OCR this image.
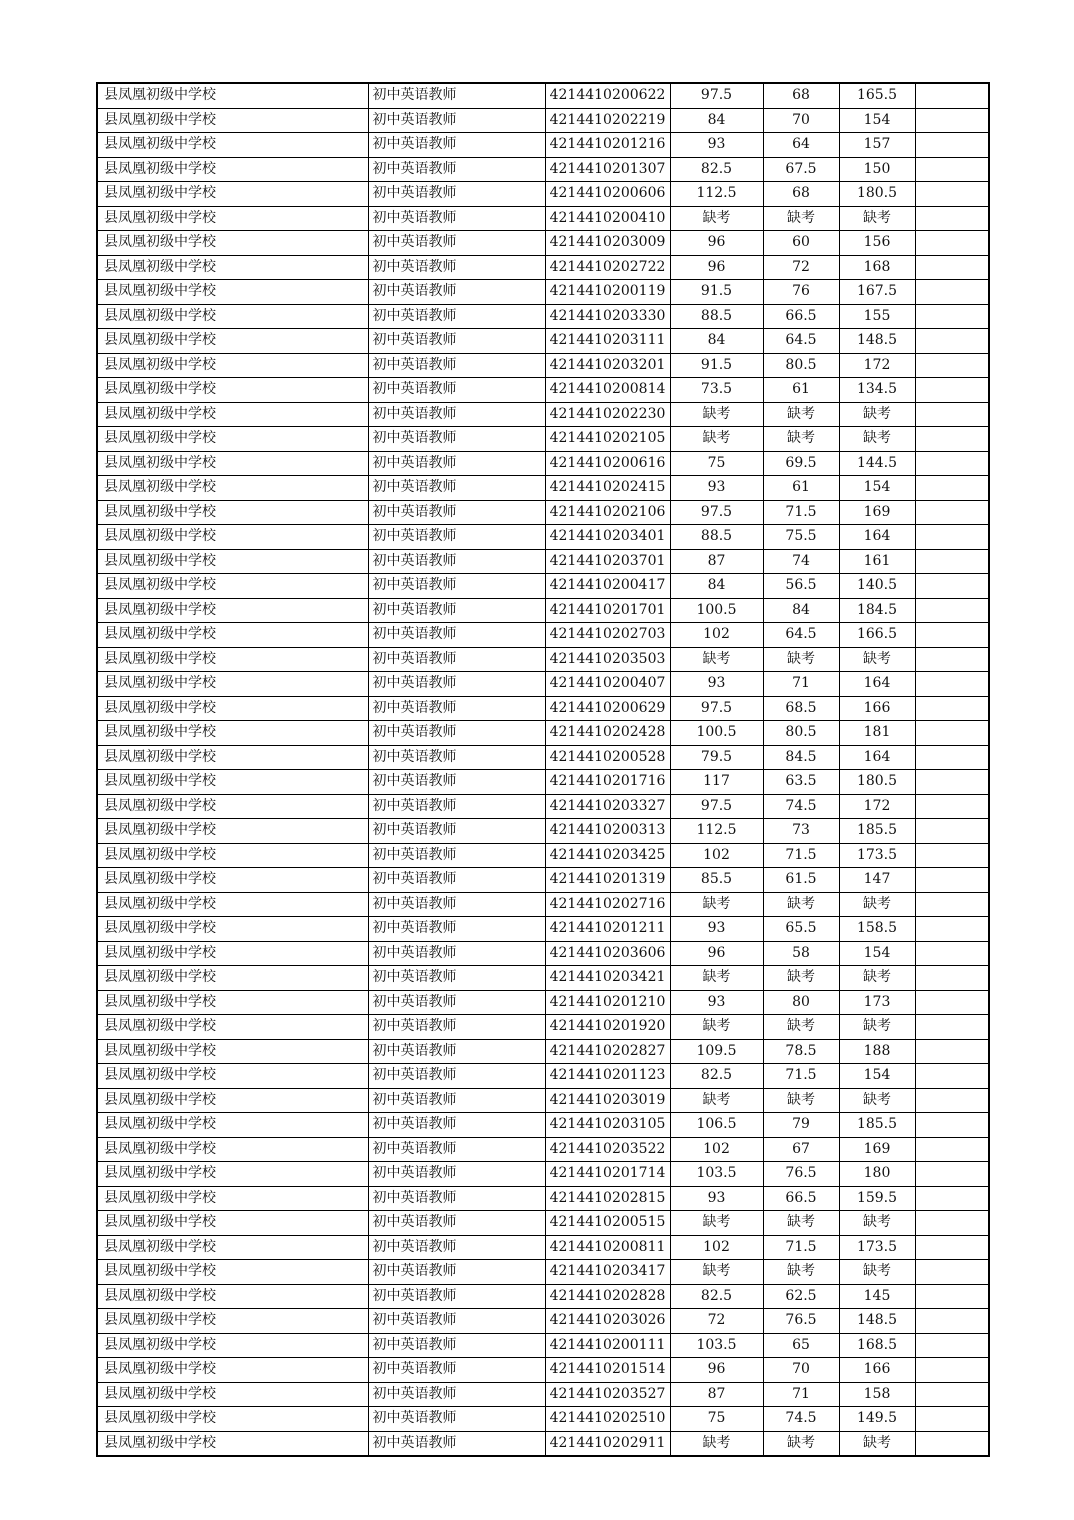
县凤凰初级中学校	初中英语教师	4214410200622	97.5	68	165.5	
县凤凰初级中学校	初中英语教师	4214410202219	84	70	154	
县凤凰初级中学校	初中英语教师	4214410201216	93	64	157	
县凤凰初级中学校	初中英语教师	4214410201307	82.5	67.5	150	
县凤凰初级中学校	初中英语教师	4214410200606	112.5	68	180.5	
县凤凰初级中学校	初中英语教师	4214410200410	缺考	缺考	缺考	
县凤凰初级中学校	初中英语教师	4214410203009	96	60	156	
县凤凰初级中学校	初中英语教师	4214410202722	96	72	168	
县凤凰初级中学校	初中英语教师	4214410200119	91.5	76	167.5	
县凤凰初级中学校	初中英语教师	4214410203330	88.5	66.5	155	
县凤凰初级中学校	初中英语教师	4214410203111	84	64.5	148.5	
县凤凰初级中学校	初中英语教师	4214410203201	91.5	80.5	172	
县凤凰初级中学校	初中英语教师	4214410200814	73.5	61	134.5	
县凤凰初级中学校	初中英语教师	4214410202230	缺考	缺考	缺考	
县凤凰初级中学校	初中英语教师	4214410202105	缺考	缺考	缺考	
县凤凰初级中学校	初中英语教师	4214410200616	75	69.5	144.5	
县凤凰初级中学校	初中英语教师	4214410202415	93	61	154	
县凤凰初级中学校	初中英语教师	4214410202106	97.5	71.5	169	
县凤凰初级中学校	初中英语教师	4214410203401	88.5	75.5	164	
县凤凰初级中学校	初中英语教师	4214410203701	87	74	161	
县凤凰初级中学校	初中英语教师	4214410200417	84	56.5	140.5	
县凤凰初级中学校	初中英语教师	4214410201701	100.5	84	184.5	
县凤凰初级中学校	初中英语教师	4214410202703	102	64.5	166.5	
县凤凰初级中学校	初中英语教师	4214410203503	缺考	缺考	缺考	
县凤凰初级中学校	初中英语教师	4214410200407	93	71	164	
县凤凰初级中学校	初中英语教师	4214410200629	97.5	68.5	166	
县凤凰初级中学校	初中英语教师	4214410202428	100.5	80.5	181	
县凤凰初级中学校	初中英语教师	4214410200528	79.5	84.5	164	
县凤凰初级中学校	初中英语教师	4214410201716	117	63.5	180.5	
县凤凰初级中学校	初中英语教师	4214410203327	97.5	74.5	172	
县凤凰初级中学校	初中英语教师	4214410200313	112.5	73	185.5	
县凤凰初级中学校	初中英语教师	4214410203425	102	71.5	173.5	
县凤凰初级中学校	初中英语教师	4214410201319	85.5	61.5	147	
县凤凰初级中学校	初中英语教师	4214410202716	缺考	缺考	缺考	
县凤凰初级中学校	初中英语教师	4214410201211	93	65.5	158.5	
县凤凰初级中学校	初中英语教师	4214410203606	96	58	154	
县凤凰初级中学校	初中英语教师	4214410203421	缺考	缺考	缺考	
县凤凰初级中学校	初中英语教师	4214410201210	93	80	173	
县凤凰初级中学校	初中英语教师	4214410201920	缺考	缺考	缺考	
县凤凰初级中学校	初中英语教师	4214410202827	109.5	78.5	188	
县凤凰初级中学校	初中英语教师	4214410201123	82.5	71.5	154	
县凤凰初级中学校	初中英语教师	4214410203019	缺考	缺考	缺考	
县凤凰初级中学校	初中英语教师	4214410203105	106.5	79	185.5	
县凤凰初级中学校	初中英语教师	4214410203522	102	67	169	
县凤凰初级中学校	初中英语教师	4214410201714	103.5	76.5	180	
县凤凰初级中学校	初中英语教师	4214410202815	93	66.5	159.5	
县凤凰初级中学校	初中英语教师	4214410200515	缺考	缺考	缺考	
县凤凰初级中学校	初中英语教师	4214410200811	102	71.5	173.5	
县凤凰初级中学校	初中英语教师	4214410203417	缺考	缺考	缺考	
县凤凰初级中学校	初中英语教师	4214410202828	82.5	62.5	145	
县凤凰初级中学校	初中英语教师	4214410203026	72	76.5	148.5	
县凤凰初级中学校	初中英语教师	4214410200111	103.5	65	168.5	
县凤凰初级中学校	初中英语教师	4214410201514	96	70	166	
县凤凰初级中学校	初中英语教师	4214410203527	87	71	158	
县凤凰初级中学校	初中英语教师	4214410202510	75	74.5	149.5	
县凤凰初级中学校	初中英语教师	4214410202911	缺考	缺考	缺考	
